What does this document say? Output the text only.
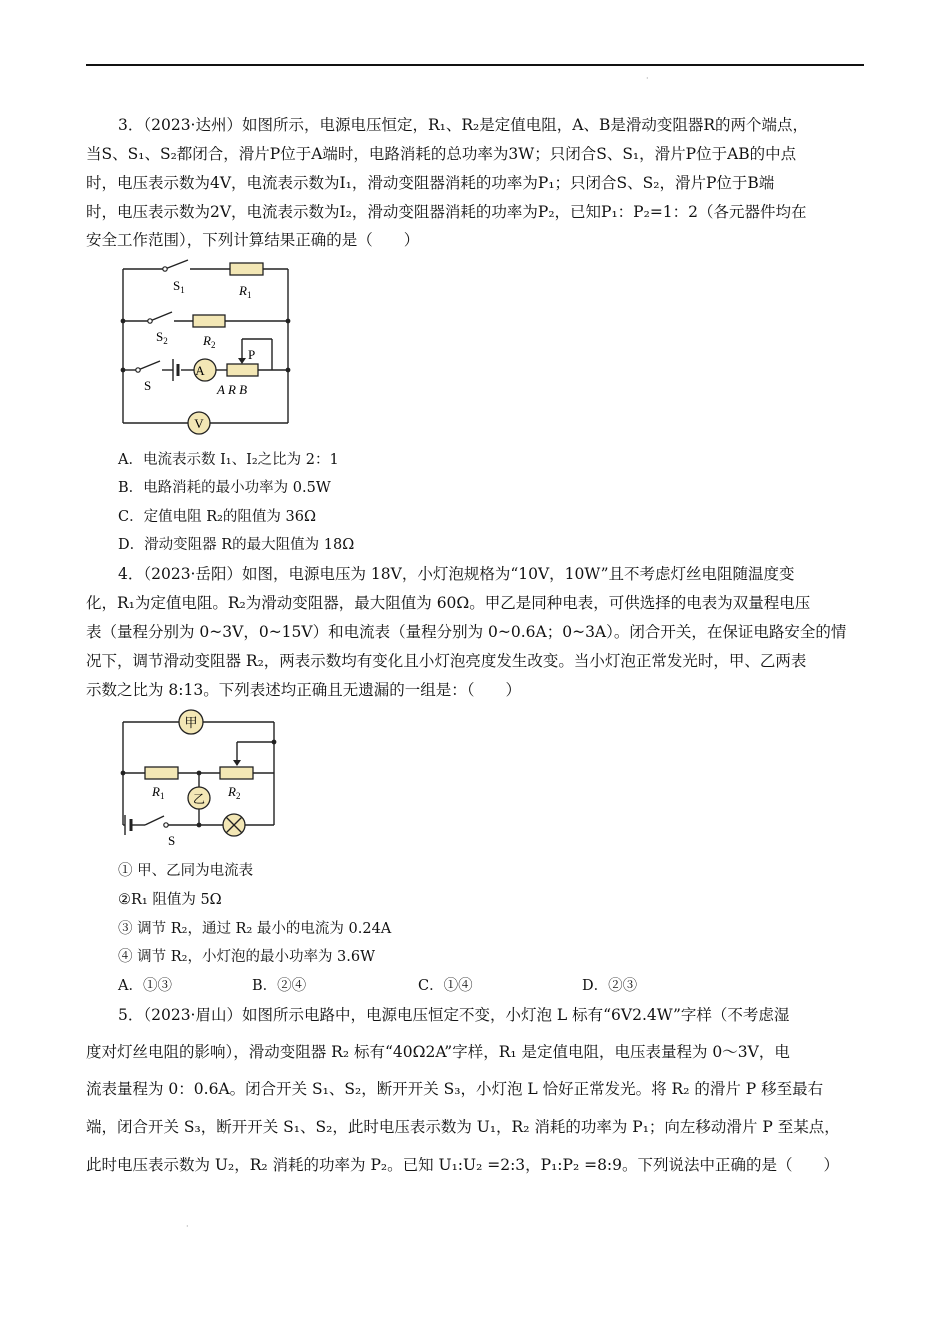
·
·
3．（2023·达州）如图所示，电源电压恒定，R₁、R₂是定值电阻，A、B是滑动变阻器R的两个端点，
当S、S₁、S₂都闭合，滑片P位于A端时，电路消耗的总功率为3W；只闭合S、S₁，滑片P位于AB的中点
时，电压表示数为4V，电流表示数为I₁，滑动变阻器消耗的功率为P₁；只闭合S、S₂，滑片P位于B端
时，电压表示数为2V，电流表示数为I₂，滑动变阻器消耗的功率为P₂，已知P₁：P₂=1：2（各元器件均在
安全工作范围），下列计算结果正确的是（　　）
A
V
$S_1$	$R_1$
$S_2$	$R_2$
S
P
A R B
A．电流表示数 I₁、I₂之比为 2：1
B．电路消耗的最小功率为 0.5W
C．定值电阻 R₂的阻值为 36Ω
D．滑动变阻器 R的最大阻值为 18Ω
4．（2023·岳阳）如图，电源电压为 18V，小灯泡规格为“10V，10W”且不考虑灯丝电阻随温度变
化，R₁为定值电阻。R₂为滑动变阻器，最大阻值为 60Ω。甲乙是同种电表，可供选择的电表为双量程电压
表（量程分别为 0~3V，0~15V）和电流表（量程分别为 0~0.6A；0~3A）。闭合开关，在保证电路安全的情
况下，调节滑动变阻器 R₂，两表示数均有变化且小灯泡亮度发生改变。当小灯泡正常发光时，甲、乙两表
示数之比为 8:13。下列表述均正确且无遗漏的一组是：（　　）
甲
乙
$R_1$	$R_2$
S
① 甲、乙同为电流表
②R₁ 阻值为 5Ω
③ 调节 R₂，通过 R₂ 最小的电流为 0.24A
④ 调节 R₂，小灯泡的最小功率为 3.6W
A．①③	B．②④	C．①④	D．②③
5．（2023·眉山）如图所示电路中，电源电压恒定不变，小灯泡 L 标有“6V2.4W”字样（不考虑湿
度对灯丝电阻的影响），滑动变阻器 R₂ 标有“40Ω2A”字样，R₁ 是定值电阻，电压表量程为 0～3V，电
流表量程为 0：0.6A。闭合开关 S₁、S₂，断开开关 S₃，小灯泡 L 恰好正常发光。将 R₂ 的滑片 P 移至最右
端，闭合开关 S₃，断开开关 S₁、S₂，此时电压表示数为 U₁，R₂ 消耗的功率为 P₁；向左移动滑片 P 至某点，
此时电压表示数为 U₂，R₂ 消耗的功率为 P₂。已知 U₁:U₂ =2:3，P₁:P₂ =8:9。下列说法中正确的是（　　）
